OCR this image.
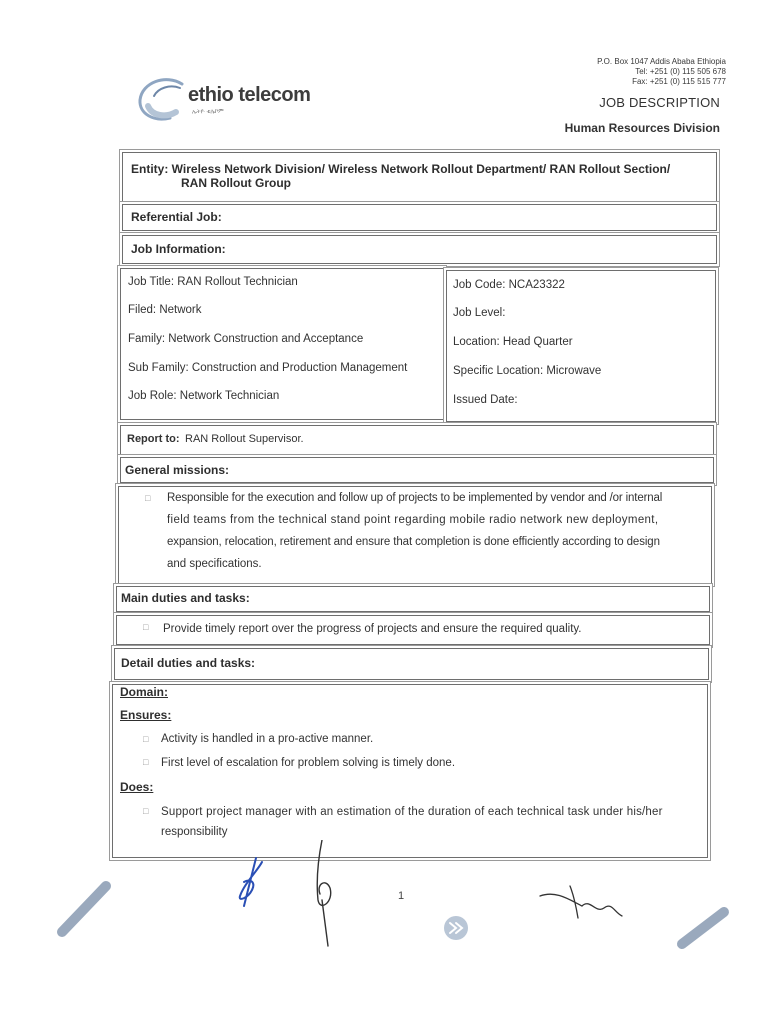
ethio telecom
ኢትዮ ቴሌኮም
P.O. Box 1047 Addis Ababa Ethiopia
Tel: +251 (0) 115 505 678
Fax: +251 (0) 115 515 777
JOB DESCRIPTION
Human Resources Division
Entity: Wireless Network Division/ Wireless Network Rollout Department/ RAN Rollout Section/
RAN Rollout Group
Referential Job:
Job Information:
Job Title: RAN Rollout Technician
Filed: Network
Family: Network Construction and Acceptance
Sub Family: Construction and Production Management
Job Role: Network Technician
Job Code: NCA23322
Job Level:
Location: Head Quarter
Specific Location: Microwave
Issued Date:
Report to: RAN Rollout Supervisor.
General missions:
□ Responsible for the execution and follow up of projects to be implemented by vendor and /or internal
field teams from the technical stand point regarding mobile radio network new deployment,
expansion, relocation, retirement and ensure that completion is done efficiently according to design
and specifications.
Main duties and tasks:
□ Provide timely report over the progress of projects and ensure the required quality.
Detail duties and tasks:
Domain:
Ensures:
□ Activity is handled in a pro-active manner.
□ First level of escalation for problem solving is timely done.
Does:
□ Support project manager with an estimation of the duration of each technical task under his/her
responsibility
1
